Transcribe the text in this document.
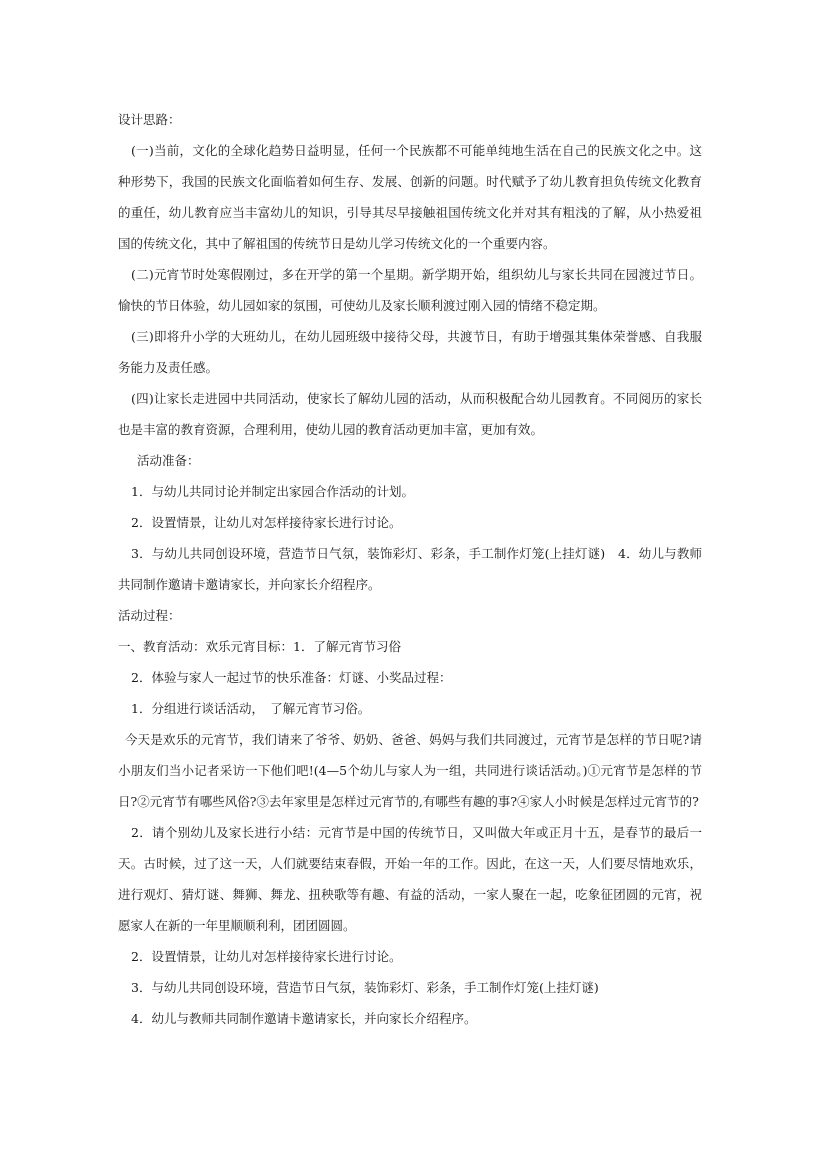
设计思路：

(一)当前，文化的全球化趋势日益明显，任何一个民族都不可能单纯地生活在自己的民族文化之中。这种形势下，我国的民族文化面临着如何生存、发展、创新的问题。时代赋予了幼儿教育担负传统文化教育的重任，幼儿教育应当丰富幼儿的知识，引导其尽早接触祖国传统文化并对其有粗浅的了解，从小热爱祖国的传统文化，其中了解祖国的传统节日是幼儿学习传统文化的一个重要内容。

(二)元宵节时处寒假刚过，多在开学的第一个星期。新学期开始，组织幼儿与家长共同在园渡过节日。愉快的节日体验，幼儿园如家的氛围，可使幼儿及家长顺利渡过刚入园的情绪不稳定期。

(三)即将升小学的大班幼儿，在幼儿园班级中接待父母，共渡节日，有助于增强其集体荣誉感、自我服务能力及责任感。

(四)让家长走进园中共同活动，使家长了解幼儿园的活动，从而积极配合幼儿园教育。不同阅历的家长也是丰富的教育资源，合理利用，使幼儿园的教育活动更加丰富，更加有效。

活动准备：

1．与幼儿共同讨论并制定出家园合作活动的计划。

2．设置情景，让幼儿对怎样接待家长进行讨论。

3．与幼儿共同创设环境，营造节日气氛，装饰彩灯、彩条，手工制作灯笼(上挂灯谜)　4．幼儿与教师共同制作邀请卡邀请家长，并向家长介绍程序。

活动过程：

一、教育活动：欢乐元宵目标：1．了解元宵节习俗

2．体验与家人一起过节的快乐准备：灯谜、小奖品过程：

1．分组进行谈话活动，　了解元宵节习俗。

今天是欢乐的元宵节，我们请来了爷爷、奶奶、爸爸、妈妈与我们共同渡过，元宵节是怎样的节日呢?请小朋友们当小记者采访一下他们吧!(4—5个幼儿与家人为一组，共同进行谈话活动。)①元宵节是怎样的节日?②元宵节有哪些风俗?③去年家里是怎样过元宵节的,有哪些有趣的事?④家人小时候是怎样过元宵节的?

2．请个别幼儿及家长进行小结：元宵节是中国的传统节日，又叫做大年或正月十五，是春节的最后一天。古时候，过了这一天，人们就要结束春假，开始一年的工作。因此，在这一天，人们要尽情地欢乐，进行观灯、猜灯谜、舞狮、舞龙、扭秧歌等有趣、有益的活动，一家人聚在一起，吃象征团圆的元宵，祝愿家人在新的一年里顺顺利利，团团圆圆。

2．设置情景，让幼儿对怎样接待家长进行讨论。

3．与幼儿共同创设环境，营造节日气氛，装饰彩灯、彩条，手工制作灯笼(上挂灯谜)

4．幼儿与教师共同制作邀请卡邀请家长，并向家长介绍程序。
